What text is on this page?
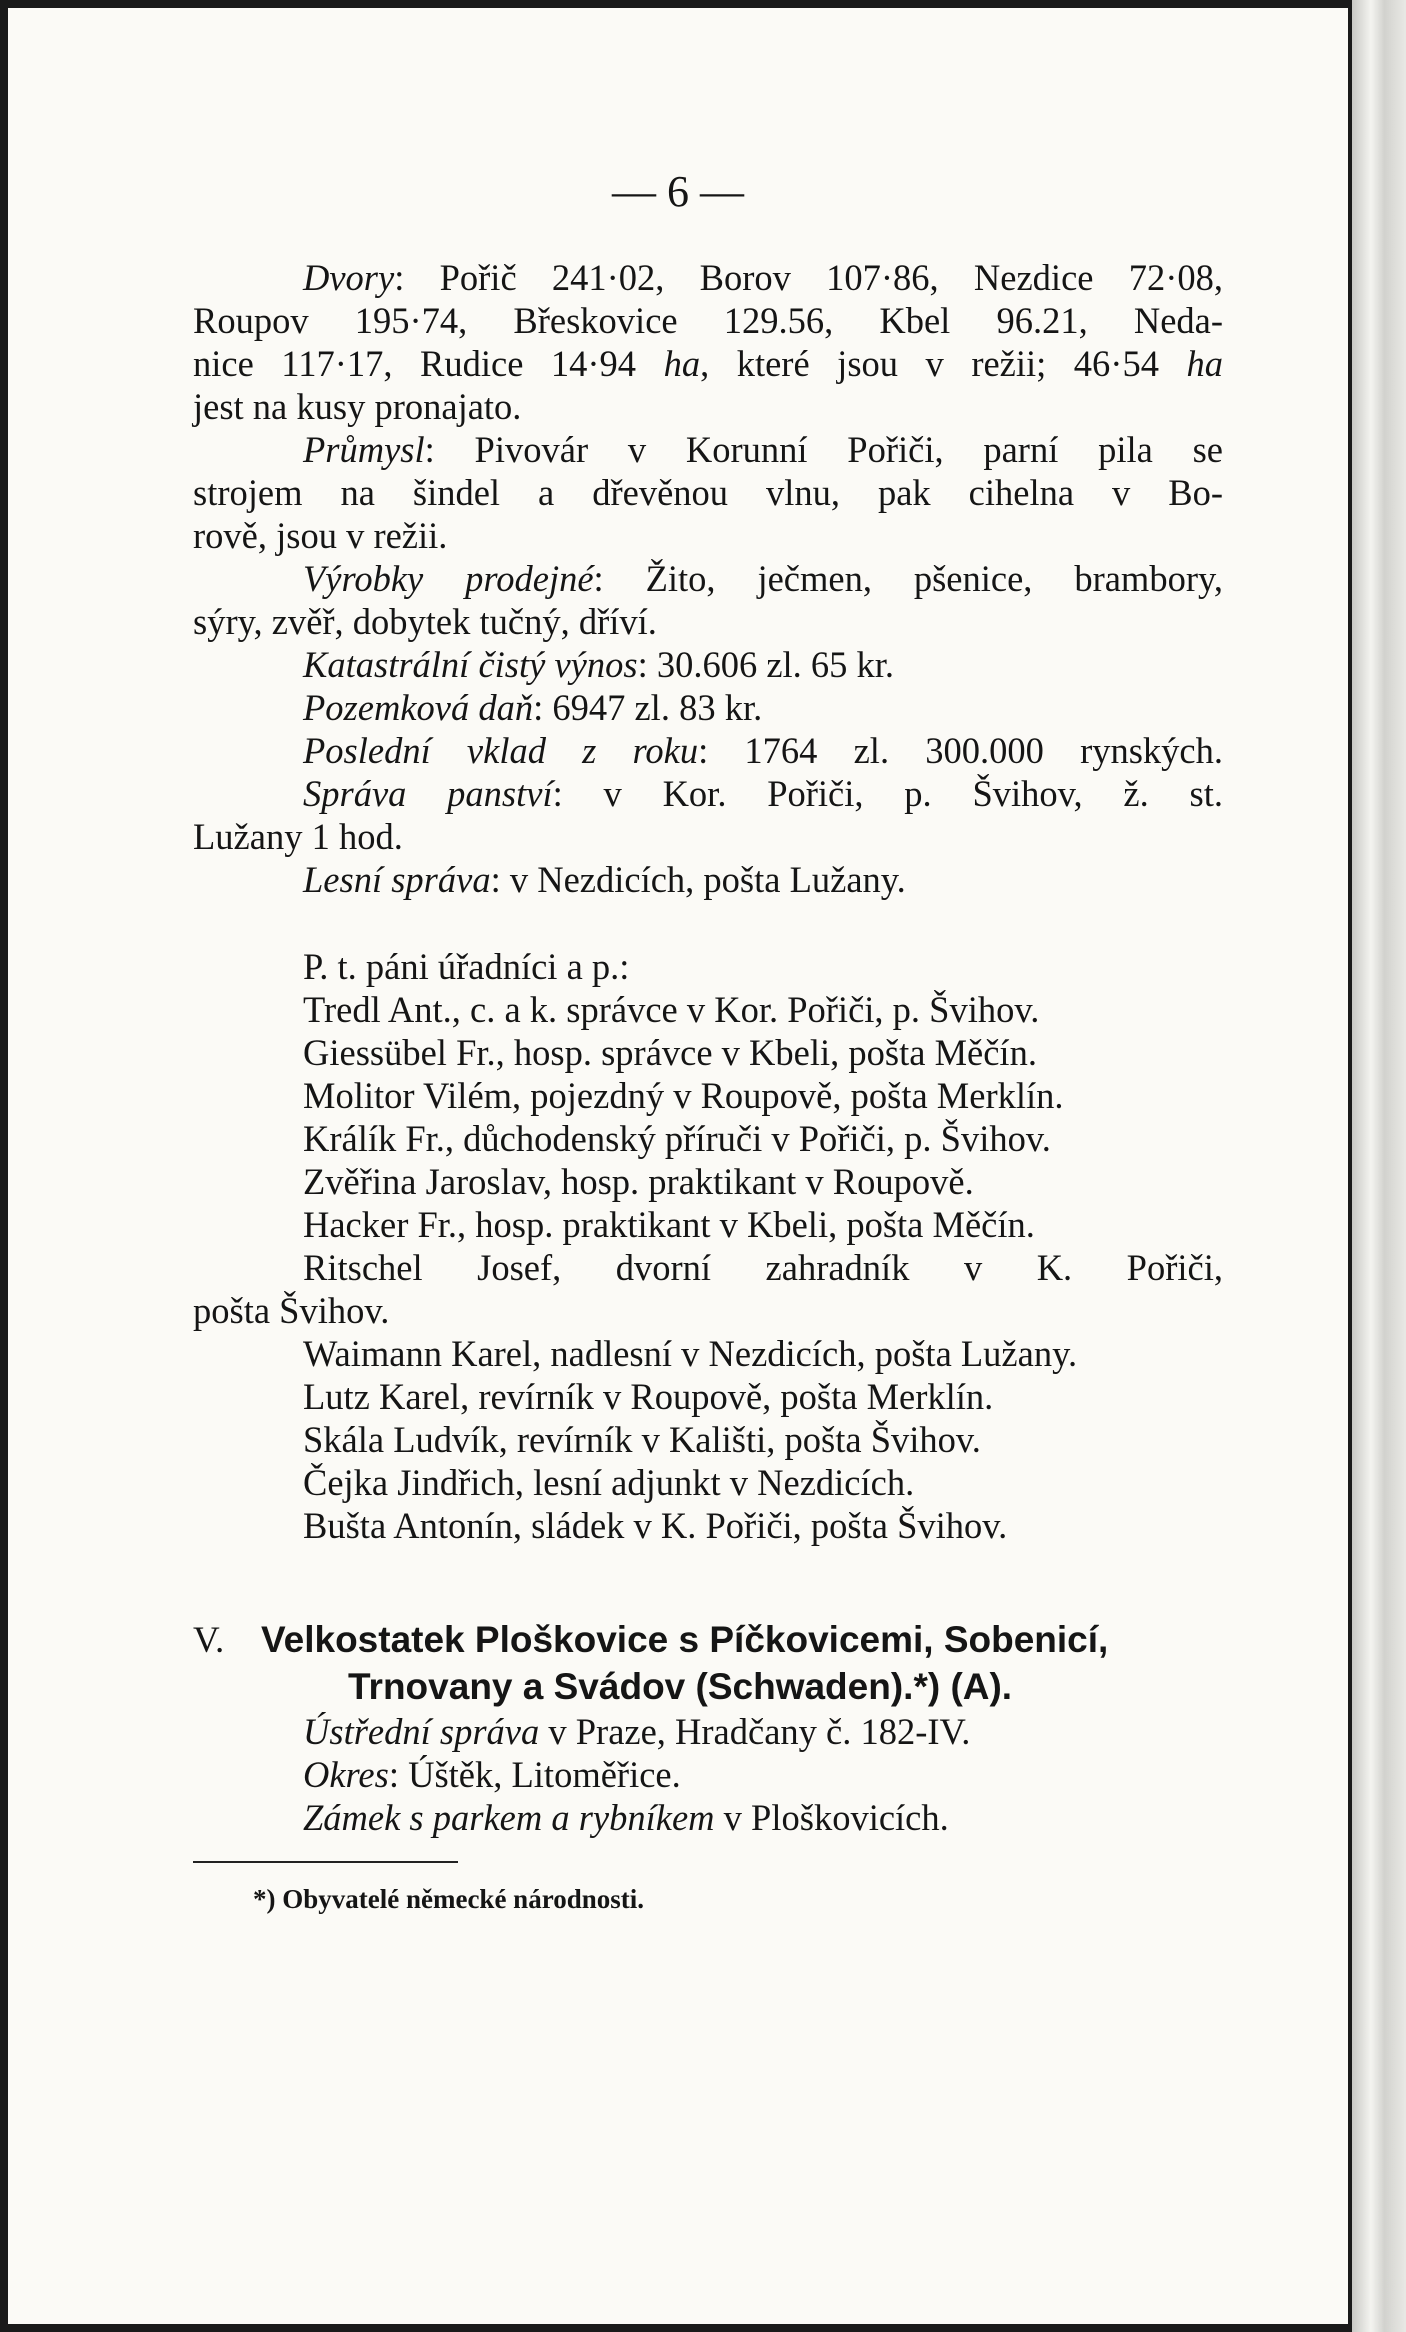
— 6 —
Dvory: Pořič 241·02, Borov 107·86, Nezdice 72·08,
Roupov 195·74, Břeskovice 129.56, Kbel 96.21, Neda-
nice 117·17, Rudice 14·94 ha, které jsou v režii; 46·54 ha
jest na kusy pronajato.
Průmysl: Pivovár v Korunní Pořiči, parní pila se
strojem na šindel a dřevěnou vlnu, pak cihelna v Bo-
rově, jsou v režii.
Výrobky prodejné: Žito, ječmen, pšenice, brambory,
sýry, zvěř, dobytek tučný, dříví.
Katastrální čistý výnos: 30.606 zl. 65 kr.
Pozemková daň: 6947 zl. 83 kr.
Poslední vklad z roku: 1764 zl. 300.000 rynských.
Správa panství: v Kor. Pořiči, p. Švihov, ž. st.
Lužany 1 hod.
Lesní správa: v Nezdicích, pošta Lužany.
P. t. páni úřadníci a p.:
Tredl Ant., c. a k. správce v Kor. Pořiči, p. Švihov.
Giessübel Fr., hosp. správce v Kbeli, pošta Měčín.
Molitor Vilém, pojezdný v Roupově, pošta Merklín.
Králík Fr., důchodenský příruči v Pořiči, p. Švihov.
Zvěřina Jaroslav, hosp. praktikant v Roupově.
Hacker Fr., hosp. praktikant v Kbeli, pošta Měčín.
Ritschel Josef, dvorní zahradník v K. Pořiči,
pošta Švihov.
Waimann Karel, nadlesní v Nezdicích, pošta Lužany.
Lutz Karel, revírník v Roupově, pošta Merklín.
Skála Ludvík, revírník v Kališti, pošta Švihov.
Čejka Jindřich, lesní adjunkt v Nezdicích.
Bušta Antonín, sládek v K. Pořiči, pošta Švihov.
V. Velkostatek Ploškovice s Píčkovicemi, Sobenicí,
Trnovany a Svádov (Schwaden).*) (A).
Ústřední správa v Praze, Hradčany č. 182-IV.
Okres: Úštěk, Litoměřice.
Zámek s parkem a rybníkem v Ploškovicích.
*) Obyvatelé německé národnosti.
